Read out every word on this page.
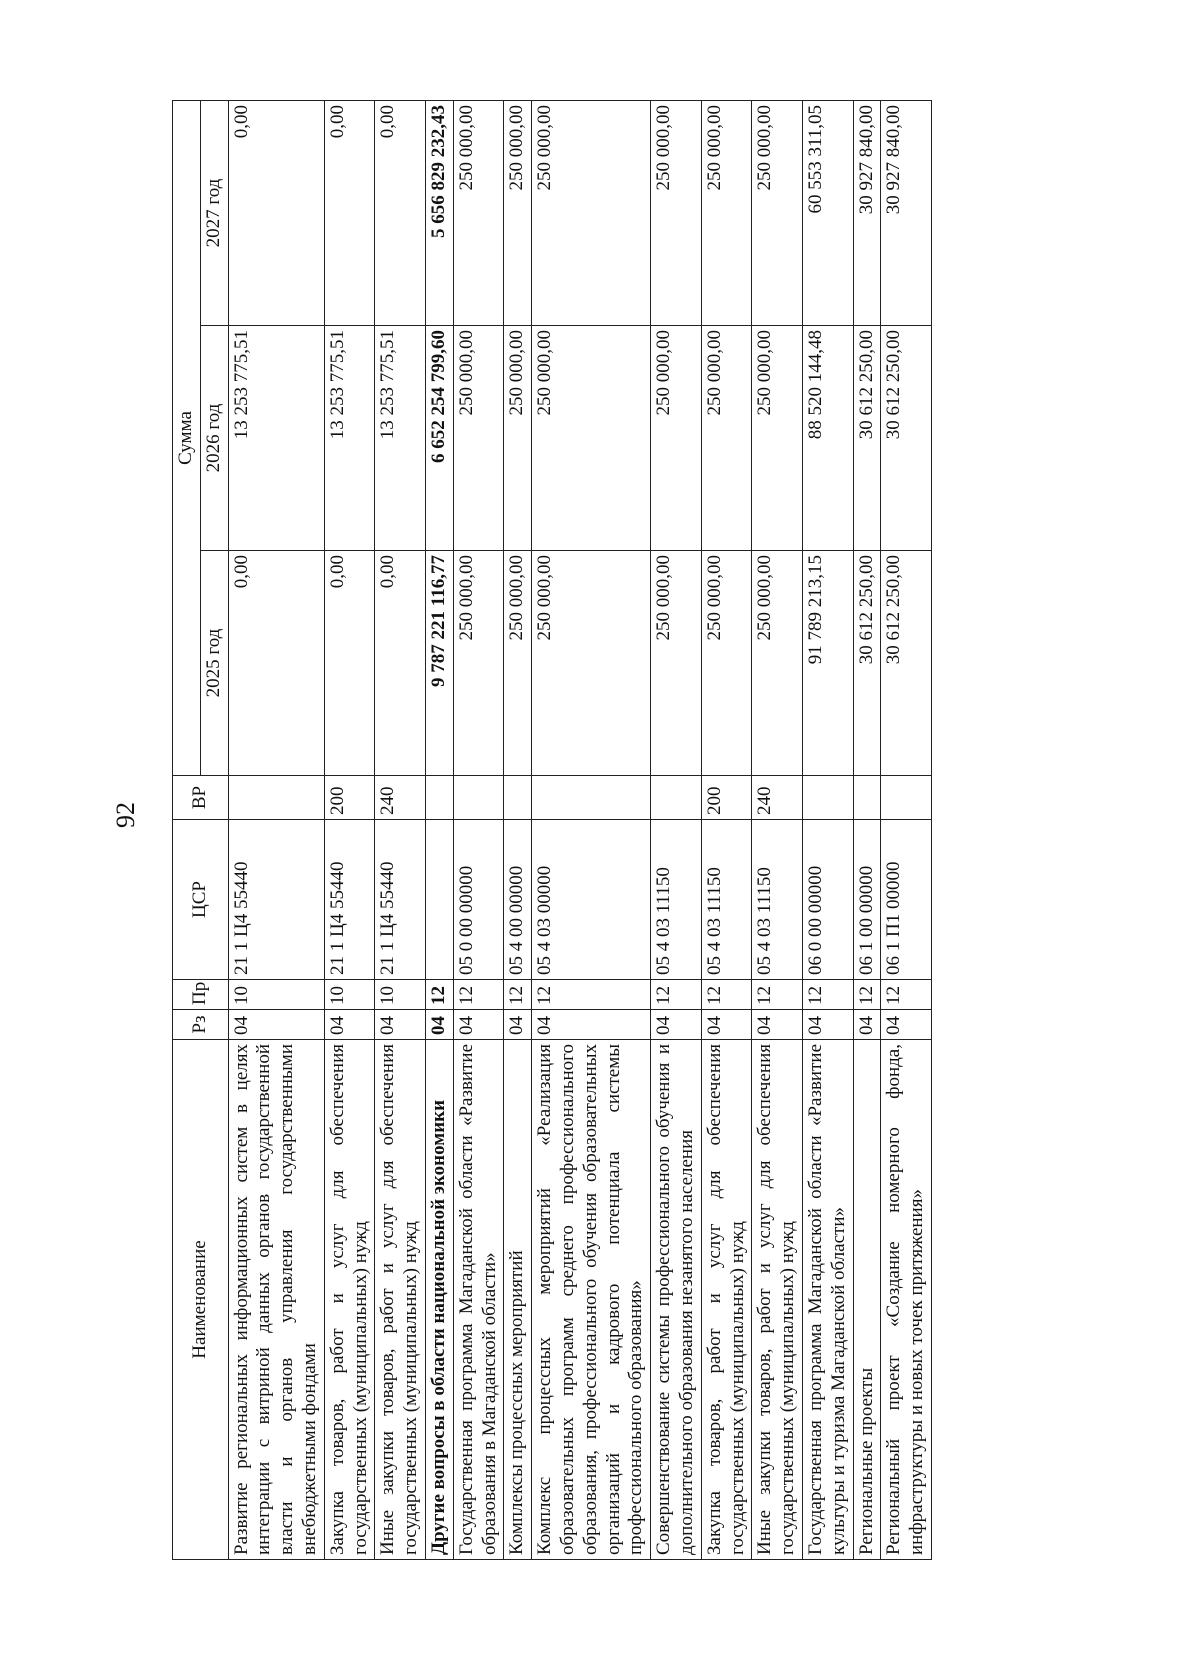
92
Наименование	Рз	Пр	ЦСР	ВР	Сумма		
					2025 год	2026 год	2027 год
Развитие региональных информационных систем в целях интеграции с витриной данных органов государственной власти и органов управления государственными внебюджетными фондами	04	10	21 1 Ц4 55440		0,00	13 253 775,51	0,00
Закупка товаров, работ и услуг для обеспечения государственных (муниципальных) нужд	04	10	21 1 Ц4 55440	200	0,00	13 253 775,51	0,00
Иные закупки товаров, работ и услуг для обеспечения государственных (муниципальных) нужд	04	10	21 1 Ц4 55440	240	0,00	13 253 775,51	0,00
Другие вопросы в области национальной экономики	04	12			9 787 221 116,77	6 652 254 799,60	5 656 829 232,43
Государственная программа Магаданской области «Развитие образования в Магаданской области»	04	12	05 0 00 00000		250 000,00	250 000,00	250 000,00
Комплексы процессных мероприятий	04	12	05 4 00 00000		250 000,00	250 000,00	250 000,00
Комплекс процессных мероприятий «Реализация образовательных программ среднего профессионального образования, профессионального обучения образовательных организаций и кадрового потенциала системы профессионального образования»	04	12	05 4 03 00000		250 000,00	250 000,00	250 000,00
Совершенствование системы профессионального обучения и дополнительного образования незанятого населения	04	12	05 4 03 11150		250 000,00	250 000,00	250 000,00
Закупка товаров, работ и услуг для обеспечения государственных (муниципальных) нужд	04	12	05 4 03 11150	200	250 000,00	250 000,00	250 000,00
Иные закупки товаров, работ и услуг для обеспечения государственных (муниципальных) нужд	04	12	05 4 03 11150	240	250 000,00	250 000,00	250 000,00
Государственная программа Магаданской области «Развитие культуры и туризма Магаданской области»	04	12	06 0 00 00000		91 789 213,15	88 520 144,48	60 553 311,05
Региональные проекты	04	12	06 1 00 00000		30 612 250,00	30 612 250,00	30 927 840,00
Региональный проект «Создание номерного фонда, инфраструктуры и новых точек притяжения»	04	12	06 1 П1 00000		30 612 250,00	30 612 250,00	30 927 840,00
